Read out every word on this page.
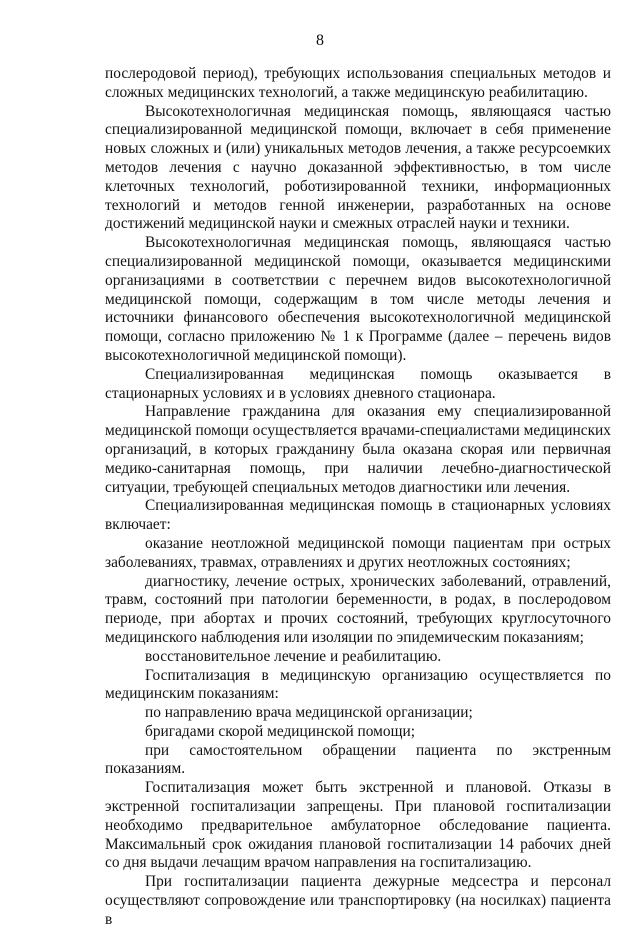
8

послеродовой период), требующих использования специальных методов и сложных медицинских технологий, а также медицинскую реабилитацию.

Высокотехнологичная медицинская помощь, являющаяся частью специализированной медицинской помощи, включает в себя применение новых сложных и (или) уникальных методов лечения, а также ресурсоемких методов лечения с научно доказанной эффективностью, в том числе клеточных технологий, роботизированной техники, информационных технологий и методов генной инженерии, разработанных на основе достижений медицинской науки и смежных отраслей науки и техники.

Высокотехнологичная медицинская помощь, являющаяся частью специализированной медицинской помощи, оказывается медицинскими организациями в соответствии с перечнем видов высокотехнологичной медицинской помощи, содержащим в том числе методы лечения и источники финансового обеспечения высокотехнологичной медицинской помощи, согласно приложению № 1 к Программе (далее – перечень видов высокотехнологичной медицинской помощи).

Специализированная медицинская помощь оказывается в стационарных условиях и в условиях дневного стационара.

Направление гражданина для оказания ему специализированной медицинской помощи осуществляется врачами-специалистами медицинских организаций, в которых гражданину была оказана скорая или первичная медико-санитарная помощь, при наличии лечебно-диагностической ситуации, требующей специальных методов диагностики или лечения.

Специализированная медицинская помощь в стационарных условиях включает:

оказание неотложной медицинской помощи пациентам при острых заболеваниях, травмах, отравлениях и других неотложных состояниях;

диагностику, лечение острых, хронических заболеваний, отравлений, травм, состояний при патологии беременности, в родах, в послеродовом периоде, при абортах и прочих состояний, требующих круглосуточного медицинского наблюдения или изоляции по эпидемическим показаниям;

восстановительное лечение и реабилитацию.

Госпитализация в медицинскую организацию осуществляется по медицинским показаниям:

по направлению врача медицинской организации;

бригадами скорой медицинской помощи;

при самостоятельном обращении пациента по экстренным показаниям.

Госпитализация может быть экстренной и плановой. Отказы в экстренной госпитализации запрещены. При плановой госпитализации необходимо предварительное амбулаторное обследование пациента. Максимальный срок ожидания плановой госпитализации 14 рабочих дней со дня выдачи лечащим врачом направления на госпитализацию.

При госпитализации пациента дежурные медсестра и персонал осуществляют сопровождение или транспортировку (на носилках) пациента в
